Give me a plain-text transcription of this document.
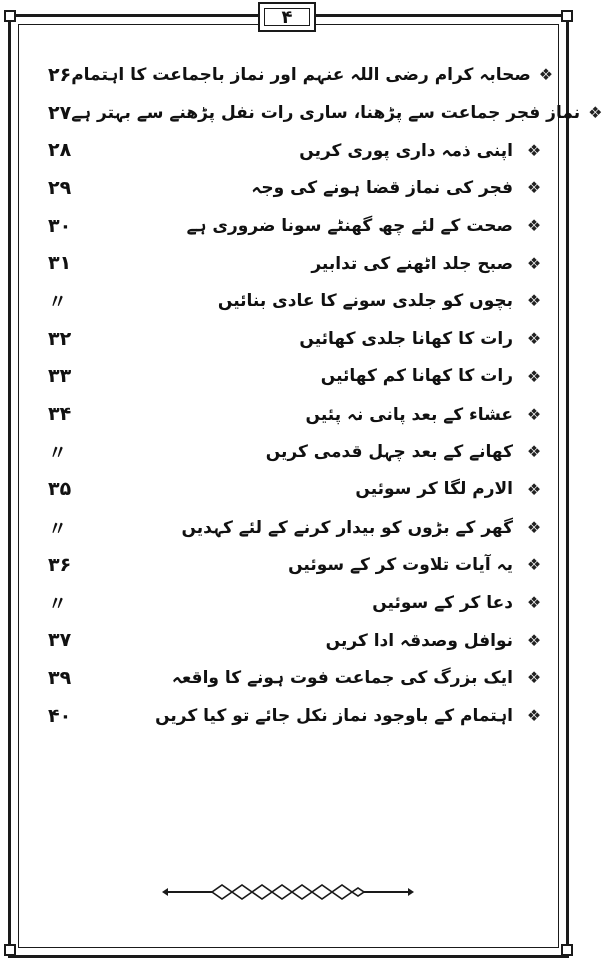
۴
۲۶ صحابہ کرام رضی اللہ عنہم اور نماز باجماعت کا اہتمام ❖
۲۷ نماز فجر جماعت سے پڑھنا، ساری رات نفل پڑھنے سے بہتر ہے ❖
۲۸	اپنی ذمہ داری پوری کریں ❖
۲۹	فجر کی نماز قضا ہونے کی وجہ ❖
۳۰	صحت کے لئے چھ گھنٹے سونا ضروری ہے ❖
۳۱	صبح جلد اٹھنے کی تدابیر ❖
〃	بچوں کو جلدی سونے کا عادی بنائیں ❖
۳۲	رات کا کھانا جلدی کھائیں ❖
۳۳	رات کا کھانا کم کھائیں ❖
۳۴	عشاء کے بعد پانی نہ پئیں ❖
〃	کھانے کے بعد چہل قدمی کریں ❖
۳۵	الارم لگا کر سوئیں ❖
〃	گھر کے بڑوں کو بیدار کرنے کے لئے کہدیں ❖
۳۶	یہ آیات تلاوت کر کے سوئیں ❖
〃	دعا کر کے سوئیں ❖
۳۷	نوافل وصدقہ ادا کریں ❖
۳۹	ایک بزرگ کی جماعت فوت ہونے کا واقعہ ❖
۴۰	اہتمام کے باوجود نماز نکل جائے تو کیا کریں ❖
